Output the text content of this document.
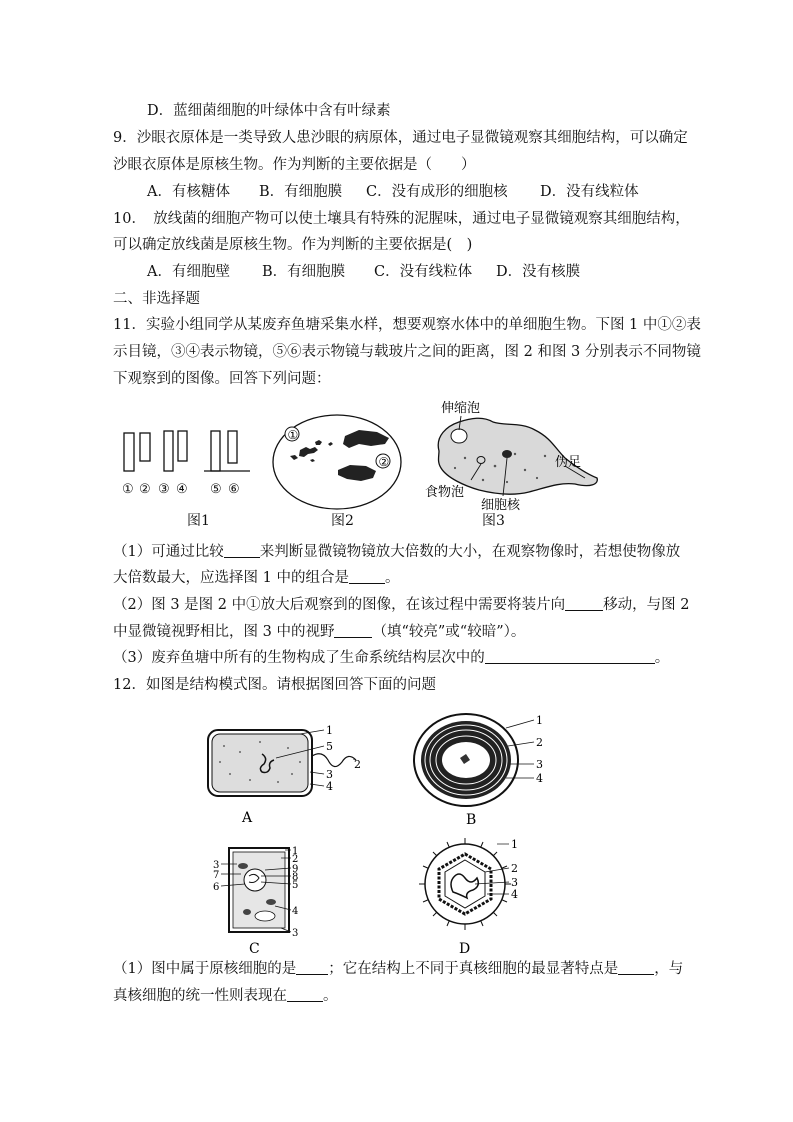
D．蓝细菌细胞的叶绿体中含有叶绿素
9．沙眼衣原体是一类导致人患沙眼的病原体，通过电子显微镜观察其细胞结构，可以确定
沙眼衣原体是原核生物。作为判断的主要依据是（　　）
A．有核糖体 B．有细胞膜 C．没有成形的细胞核 D．没有线粒体
10．　放线菌的细胞产物可以使土壤具有特殊的泥腥味，通过电子显微镜观察其细胞结构，
可以确定放线菌是原核生物。作为判断的主要依据是(　)
A．有细胞壁 B．有细胞膜 C．没有线粒体 D．没有核膜
二、非选择题
11．实验小组同学从某废弃鱼塘采集水样，想要观察水体中的单细胞生物。下图 1 中①②表
示目镜，③④表示物镜，⑤⑥表示物镜与载玻片之间的距离，图 2 和图 3 分别表示不同物镜
下观察到的图像。回答下列问题：
① ② ③ ④ ⑤ ⑥
图1
①
②
图2
伸缩泡
伪足
食物泡
细胞核
图3
（1）可通过比较 来判断显微镜物镜放大倍数的大小，在观察物像时，若想使物像放
大倍数最大，应选择图 1 中的组合是 。
（2）图 3 是图 2 中①放大后观察到的图像，在该过程中需要将装片向	移动，与图 2
中显微镜视野相比，图 3 中的视野	（填“较亮”或“较暗”）。
（3）废弃鱼塘中所有的生物构成了生命系统结构层次中的	。
12．如图是结构模式图。请根据图回答下面的问题
1
5
2
3
4
A
1
2
3
4
B
1
2
9
8
5
4
3
3
7
6
C
1
2
3
4
D
（1）图中属于原核细胞的是 ；它在结构上不同于真核细胞的最显著特点是 ，与
真核细胞的统一性则表现在 。
